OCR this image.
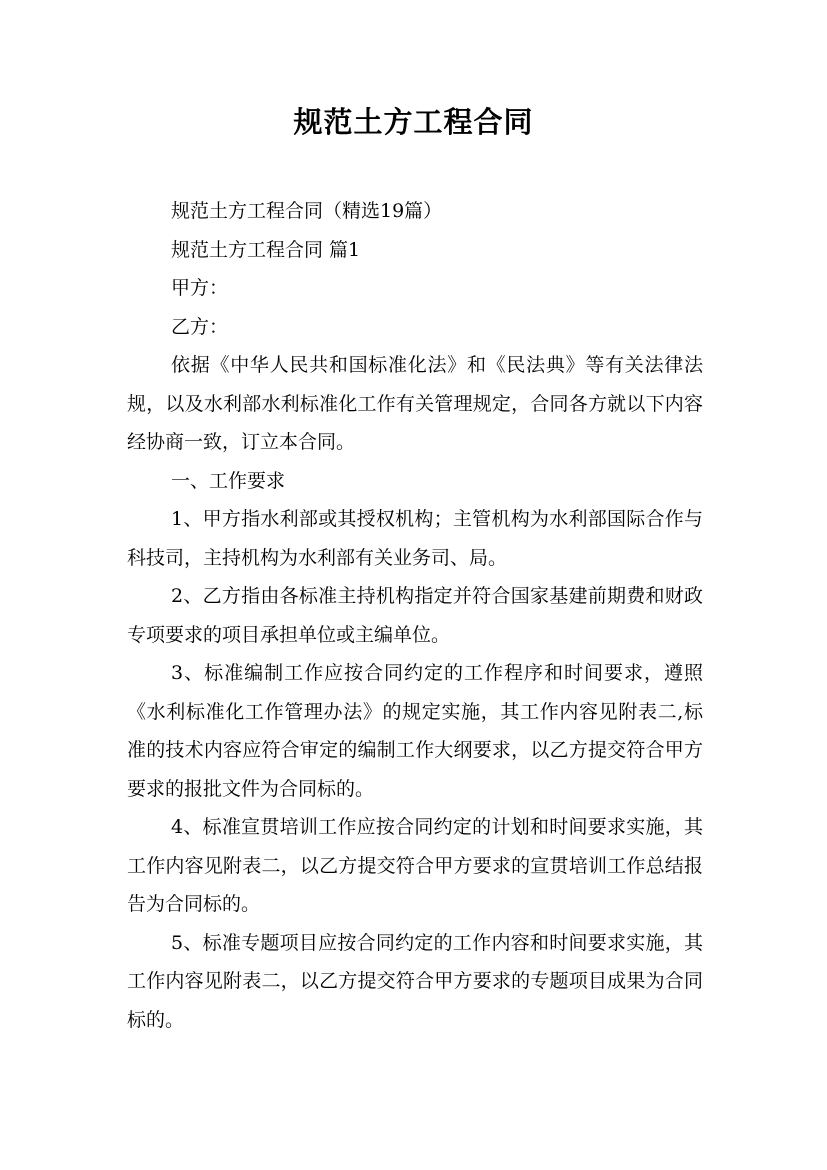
规范土方工程合同

规范土方工程合同（精选19篇）

规范土方工程合同 篇1

甲方：

乙方：

依据《中华人民共和国标准化法》和《民法典》等有关法律法规，以及水利部水利标准化工作有关管理规定，合同各方就以下内容经协商一致，订立本合同。

一、工作要求

1、甲方指水利部或其授权机构；主管机构为水利部国际合作与科技司，主持机构为水利部有关业务司、局。

2、乙方指由各标准主持机构指定并符合国家基建前期费和财政专项要求的项目承担单位或主编单位。

3、标准编制工作应按合同约定的工作程序和时间要求，遵照《水利标准化工作管理办法》的规定实施，其工作内容见附表二,标准的技术内容应符合审定的编制工作大纲要求，以乙方提交符合甲方要求的报批文件为合同标的。

4、标准宣贯培训工作应按合同约定的计划和时间要求实施，其工作内容见附表二，以乙方提交符合甲方要求的宣贯培训工作总结报告为合同标的。

5、标准专题项目应按合同约定的工作内容和时间要求实施，其工作内容见附表二，以乙方提交符合甲方要求的专题项目成果为合同标的。
